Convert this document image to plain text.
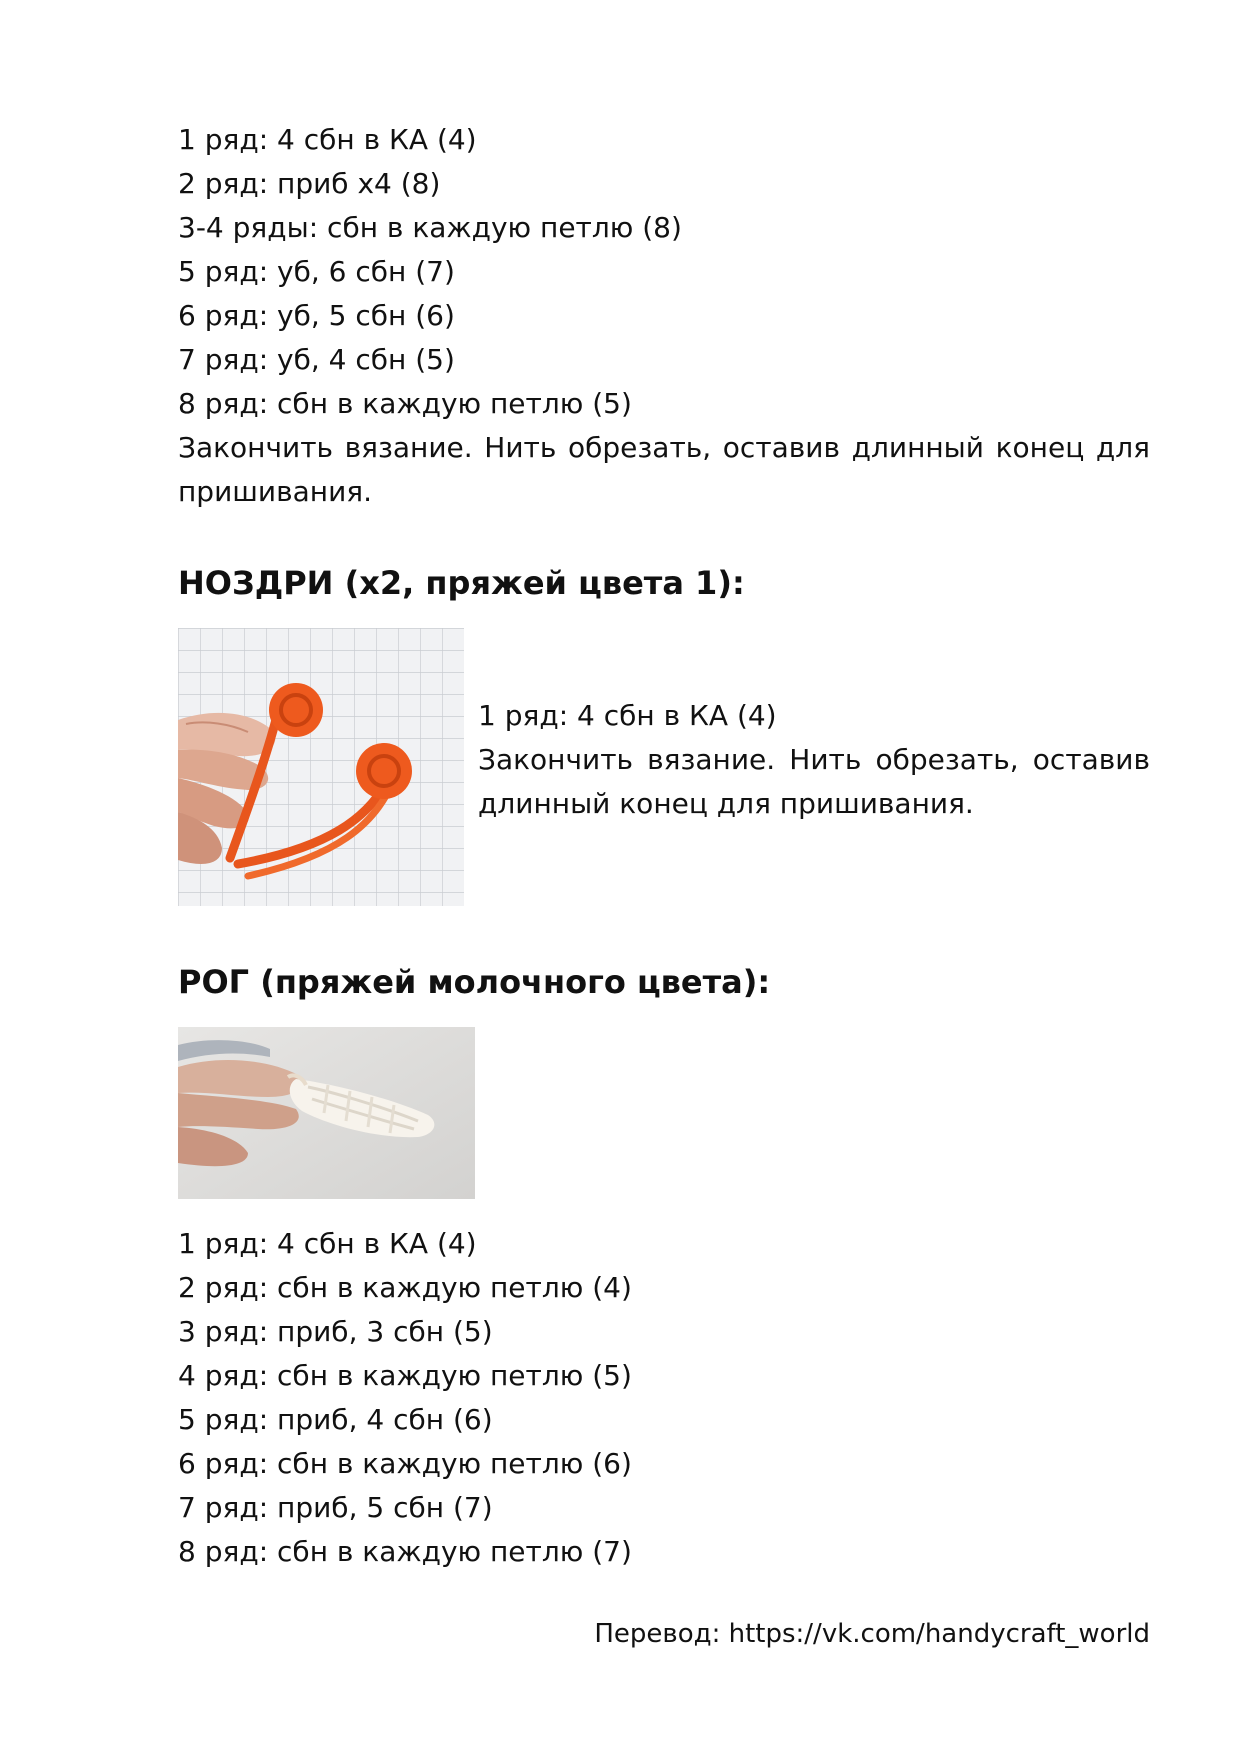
1 ряд: 4 сбн в КА (4)
2 ряд: приб х4 (8)
3-4 ряды: сбн в каждую петлю (8)
5 ряд: уб, 6 сбн (7)
6 ряд: уб, 5 сбн (6)
7 ряд: уб, 4 сбн (5)
8 ряд: сбн в каждую петлю (5)
Закончить вязание. Нить обрезать, оставив длинный конец для пришивания.
НОЗДРИ (х2, пряжей цвета 1):
1 ряд: 4 сбн в КА (4)
Закончить вязание. Нить обрезать, оставив длинный конец для пришивания.
РОГ (пряжей молочного цвета):
1 ряд: 4 сбн в КА (4)
2 ряд: сбн в каждую петлю (4)
3 ряд: приб, 3 сбн (5)
4 ряд: сбн в каждую петлю (5)
5 ряд: приб, 4 сбн (6)
6 ряд: сбн в каждую петлю (6)
7 ряд: приб, 5 сбн (7)
8 ряд: сбн в каждую петлю (7)
Перевод: https://vk.com/handycraft_world
